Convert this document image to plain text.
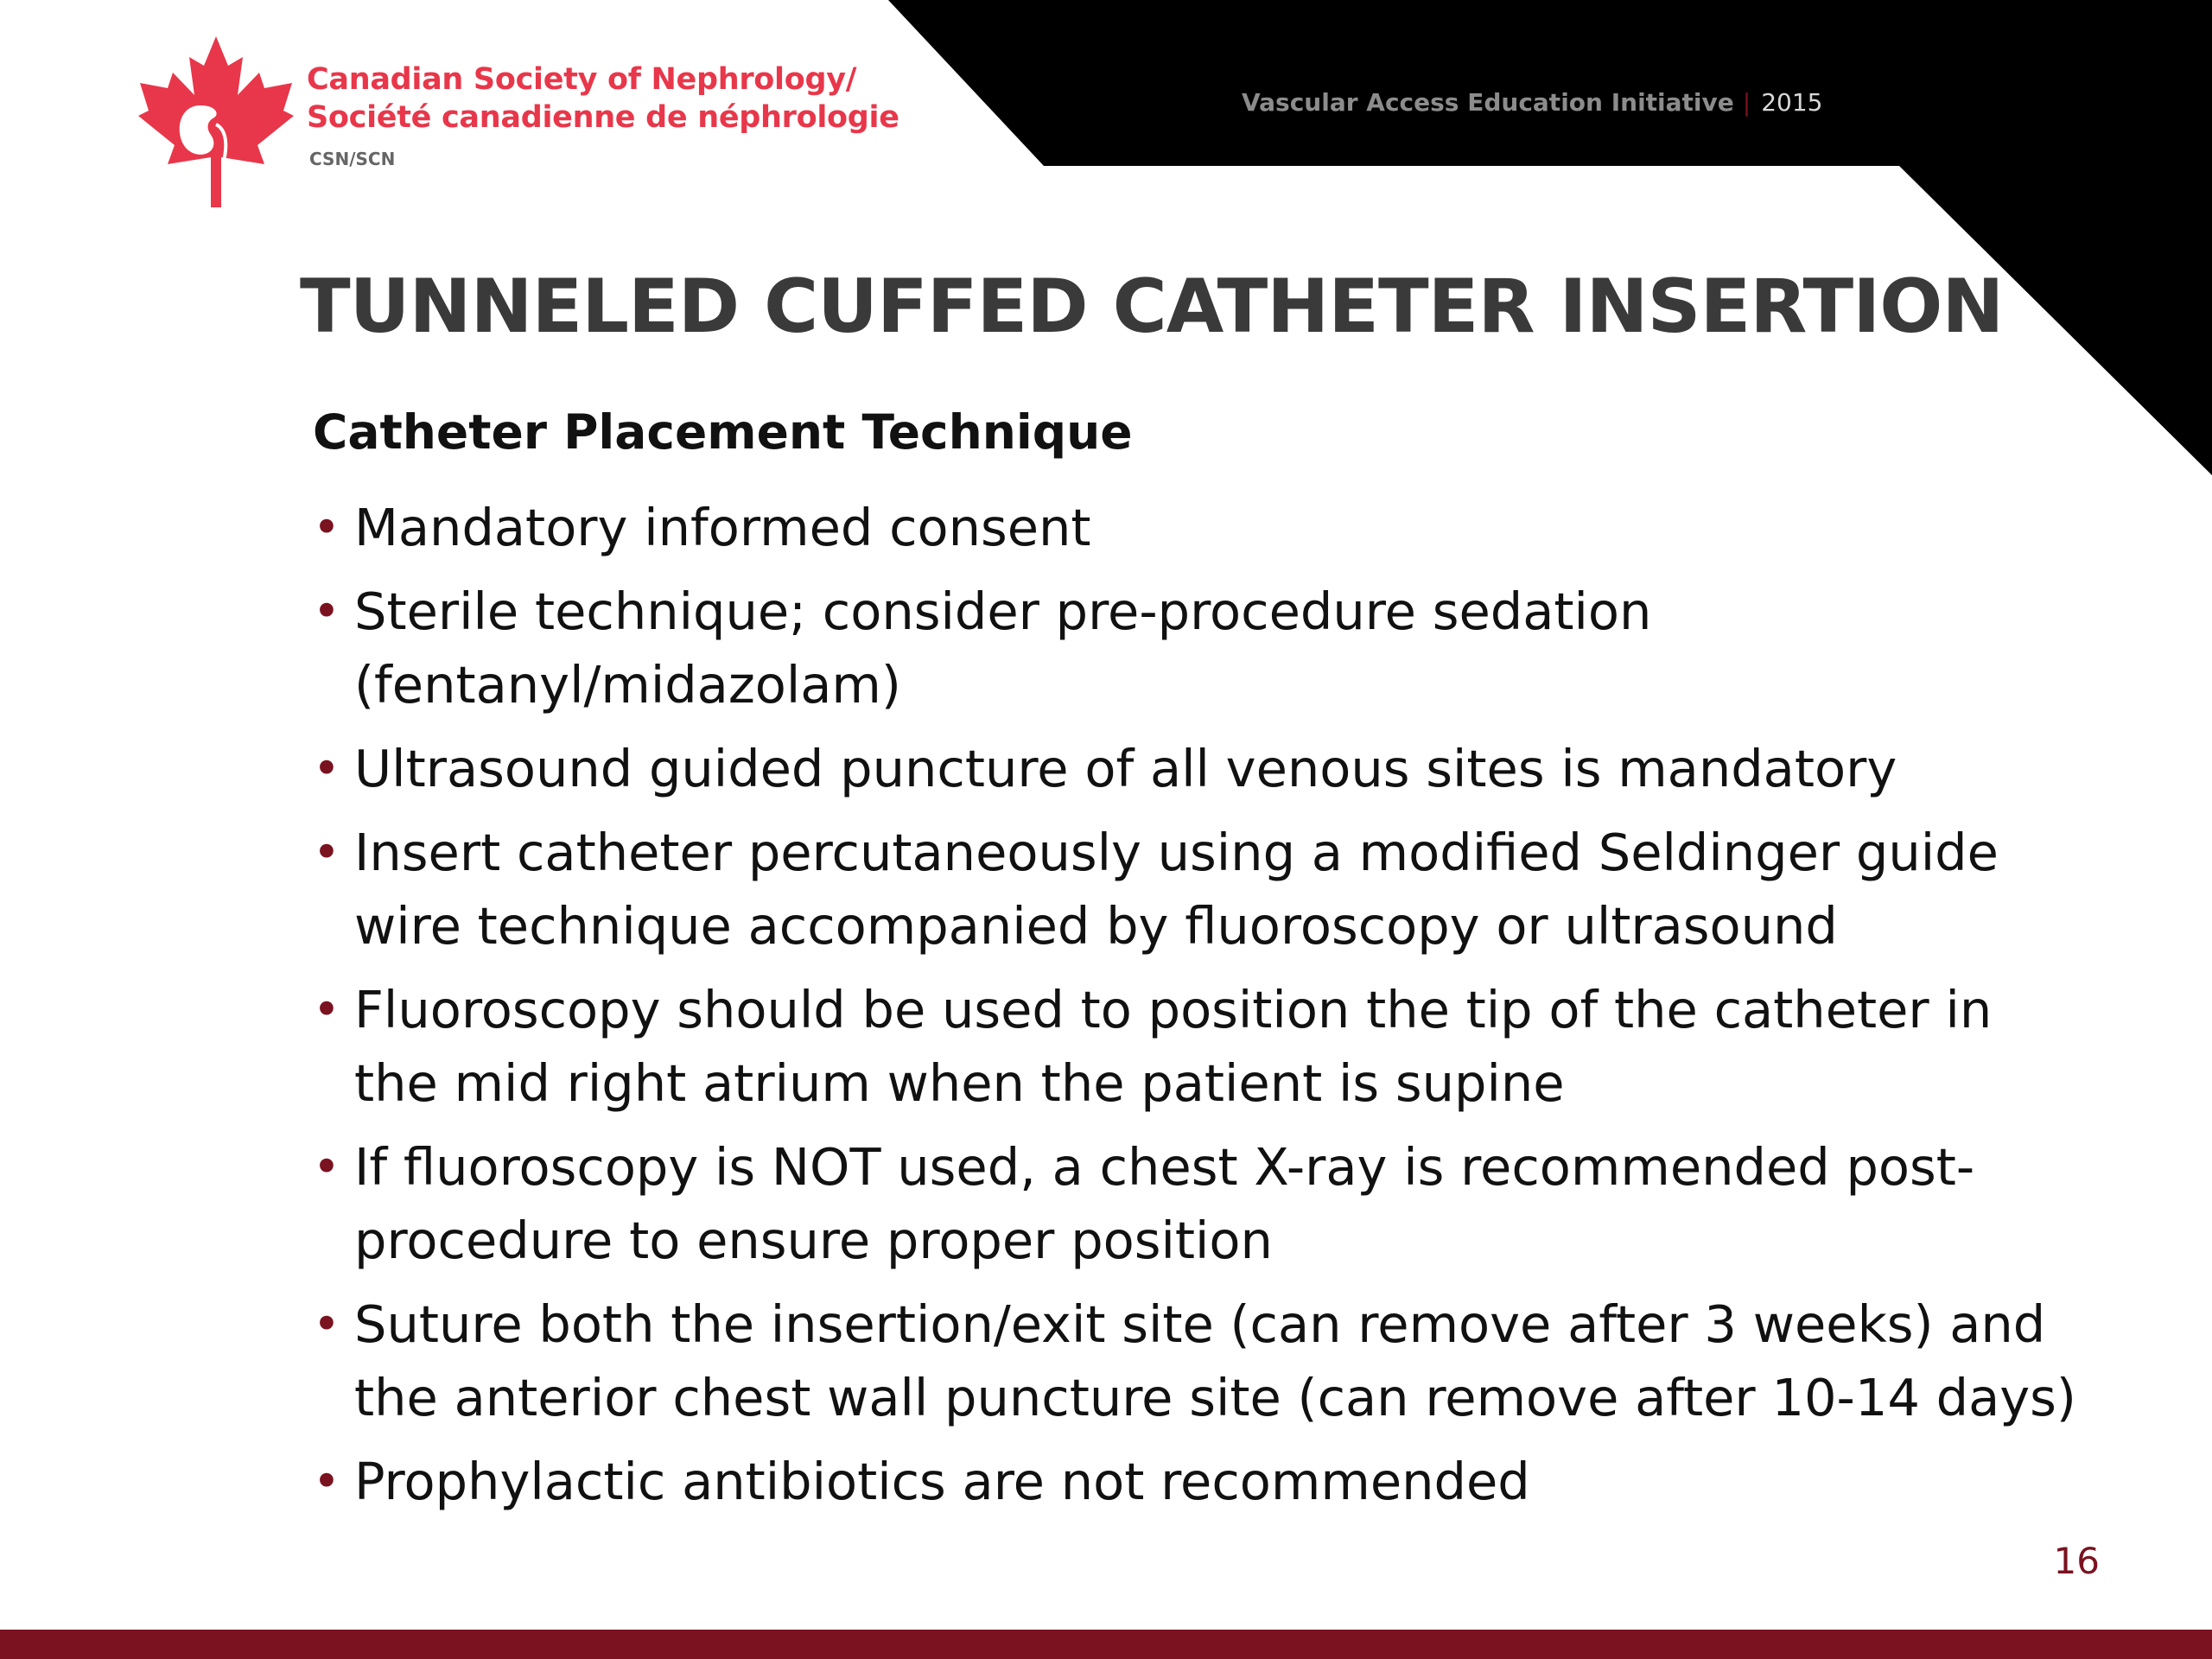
Canadian Society of Nephrology/
Société canadienne de néphrologie
CSN/SCN
Vascular Access Education Initiative | 2015
TUNNELED CUFFED CATHETER INSERTION
Catheter Placement Technique
• Mandatory informed consent
• Sterile technique; consider pre-procedure sedation (fentanyl/midazolam)
• Ultrasound guided puncture of all venous sites is mandatory
• Insert catheter percutaneously using a modified Seldinger guide wire technique accompanied by fluoroscopy or ultrasound
• Fluoroscopy should be used to position the tip of the catheter in the mid right atrium when the patient is supine
• If fluoroscopy is NOT used, a chest X-ray is recommended post-procedure to ensure proper position
• Suture both the insertion/exit site (can remove after 3 weeks) and the anterior chest wall puncture site (can remove after 10-14 days)
• Prophylactic antibiotics are not recommended
16
